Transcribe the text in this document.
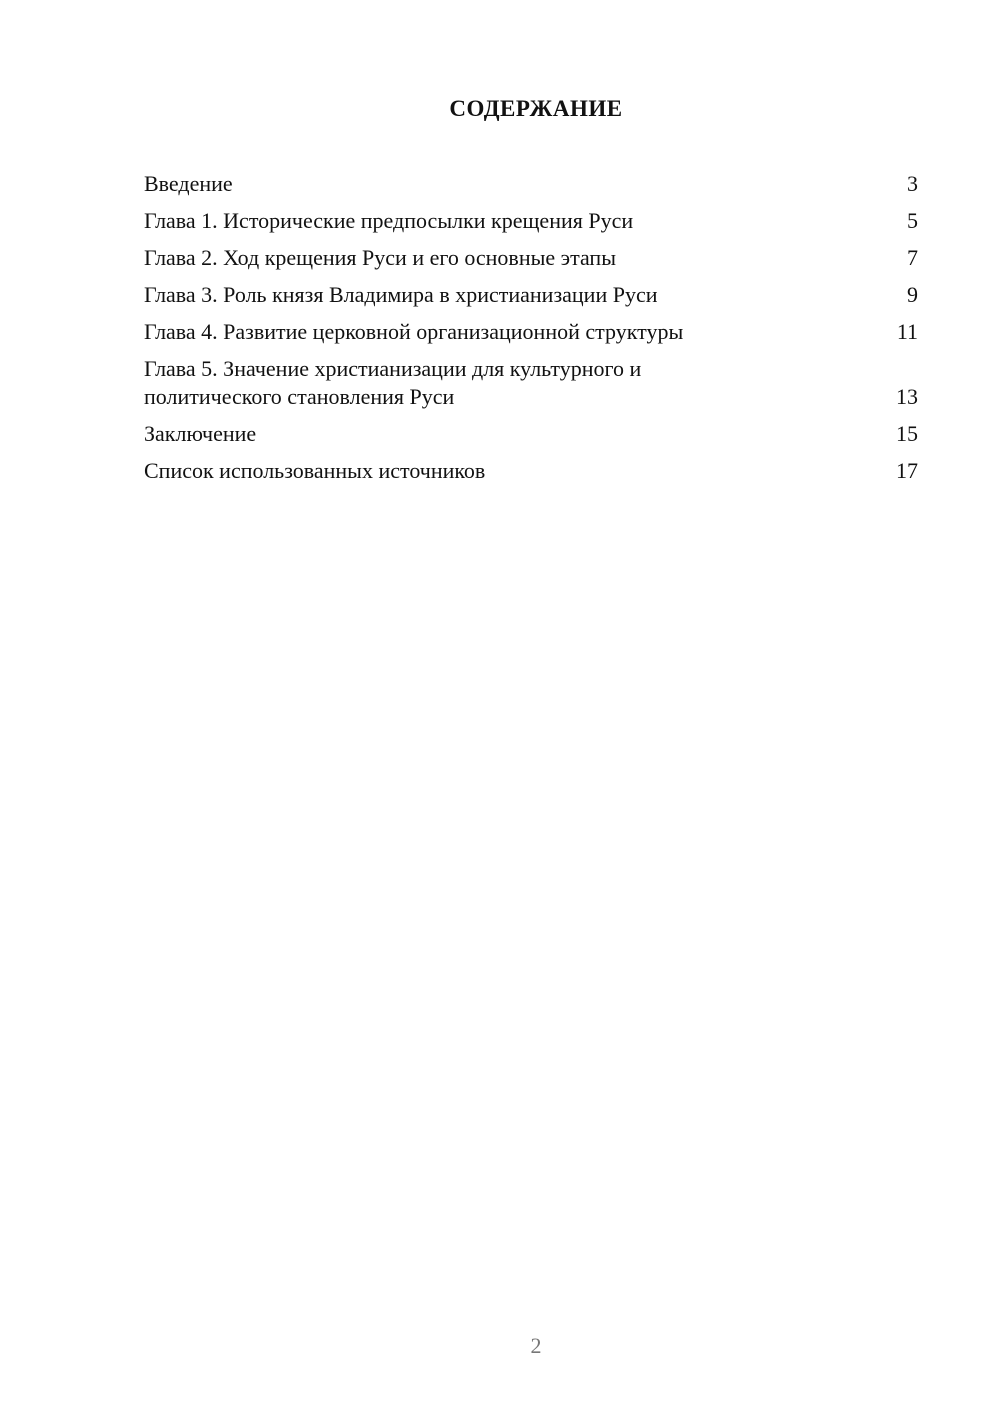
СОДЕРЖАНИЕ
Введение	3
Глава 1. Исторические предпосылки крещения Руси	5
Глава 2. Ход крещения Руси и его основные этапы	7
Глава 3. Роль князя Владимира в христианизации Руси	9
Глава 4. Развитие церковной организационной структуры	11
Глава 5. Значение христианизации для культурного и политического становления Руси	13
Заключение	15
Список использованных источников	17
2
